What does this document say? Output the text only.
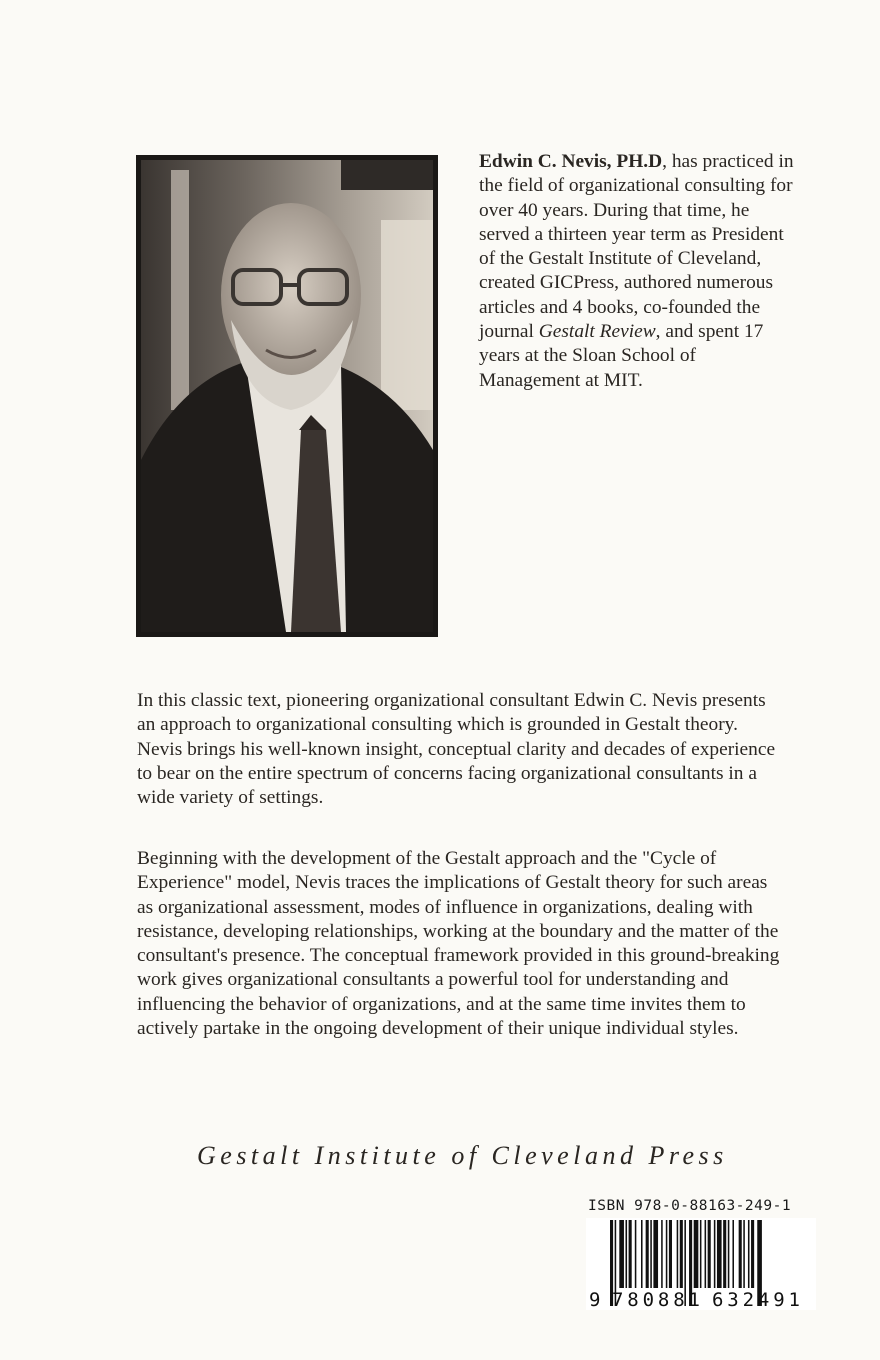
Edwin C. Nevis, PH.D, has practiced in the field of organizational consulting for over 40 years. During that time, he served a thirteen year term as President of the Gestalt Institute of Cleveland, created GICPress, authored numerous articles and 4 books, co-founded the journal Gestalt Review, and spent 17 years at the Sloan School of Management at MIT.

In this classic text, pioneering organizational consultant Edwin C. Nevis presents an approach to organizational consulting which is grounded in Gestalt theory. Nevis brings his well-known insight, conceptual clarity and decades of experience to bear on the entire spectrum of concerns facing organizational consultants in a wide variety of settings.

Beginning with the development of the Gestalt approach and the "Cycle of Experience" model, Nevis traces the implications of Gestalt theory for such areas as organizational assessment, modes of influence in organizations, dealing with resistance, developing relationships, working at the boundary and the matter of the consultant's presence. The conceptual framework provided in this ground-breaking work gives organizational consultants a powerful tool for understanding and influencing the behavior of organizations, and at the same time invites them to actively partake in the ongoing development of their unique individual styles.

Gestalt Institute of Cleveland Press
ISBN 978-0-88163-249-1
9 780881 632491
